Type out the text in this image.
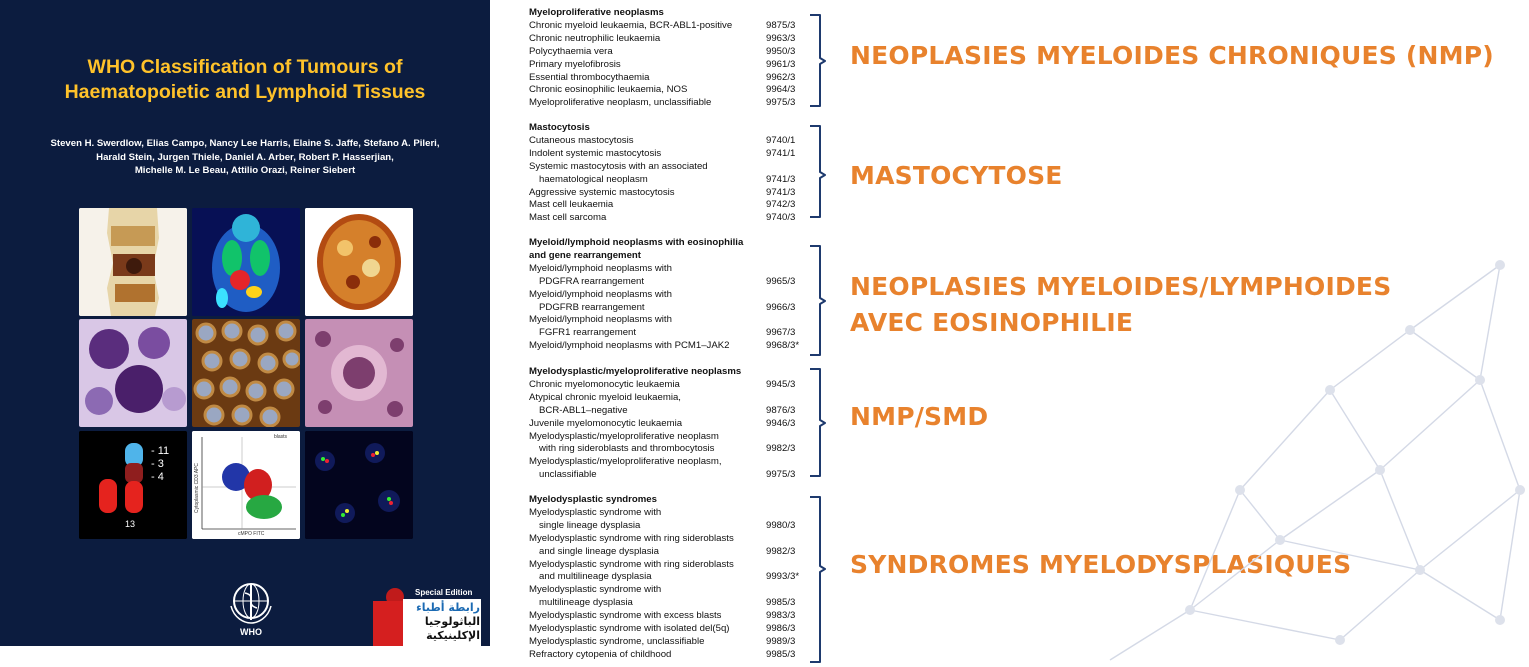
WHO Classification of Tumours of
Haematopoietic and Lymphoid Tissues
Steven H. Swerdlow, Elias Campo, Nancy Lee Harris, Elaine S. Jaffe, Stefano A. Pileri,
Harald Stein, Jurgen Thiele, Daniel A. Arber, Robert P. Hasserjian,
Michelle M. Le Beau, Attilio Orazi, Reiner Siebert
- 11
- 3
- 4
13
blasts
Cytoplasmic CD3 APC
cMPO FITC
WHO
Special Edition
رابطة أطباء
الباثولوجيا
الإكلينيكية
Myeloproliferative neoplasms
Chronic myeloid leukaemia, BCR-ABL1-positive	9875/3
Chronic neutrophilic leukaemia	9963/3
Polycythaemia vera	9950/3
Primary myelofibrosis	9961/3
Essential thrombocythaemia	9962/3
Chronic eosinophilic leukaemia, NOS	9964/3
Myeloproliferative neoplasm, unclassifiable	9975/3
Mastocytosis
Cutaneous mastocytosis	9740/1
Indolent systemic mastocytosis	9741/1
Systemic mastocytosis with an associated
haematological neoplasm	9741/3
Aggressive systemic mastocytosis	9741/3
Mast cell leukaemia	9742/3
Mast cell sarcoma	9740/3
Myeloid/lymphoid neoplasms with eosinophilia
and gene rearrangement
Myeloid/lymphoid neoplasms with
PDGFRA rearrangement	9965/3
Myeloid/lymphoid neoplasms with
PDGFRB rearrangement	9966/3
Myeloid/lymphoid neoplasms with
FGFR1 rearrangement	9967/3
Myeloid/lymphoid neoplasms with PCM1–JAK2	9968/3*
Myelodysplastic/myeloproliferative neoplasms
Chronic myelomonocytic leukaemia	9945/3
Atypical chronic myeloid leukaemia,
BCR-ABL1–negative	9876/3
Juvenile myelomonocytic leukaemia	9946/3
Myelodysplastic/myeloproliferative neoplasm
with ring sideroblasts and thrombocytosis	9982/3
Myelodysplastic/myeloproliferative neoplasm,
unclassifiable	9975/3
Myelodysplastic syndromes
Myelodysplastic syndrome with
single lineage dysplasia	9980/3
Myelodysplastic syndrome with ring sideroblasts
and single lineage dysplasia	9982/3
Myelodysplastic syndrome with ring sideroblasts
and multilineage dysplasia	9993/3*
Myelodysplastic syndrome with
multilineage dysplasia	9985/3
Myelodysplastic syndrome with excess blasts	9983/3
Myelodysplastic syndrome with isolated del(5q)	9986/3
Myelodysplastic syndrome, unclassifiable	9989/3
Refractory cytopenia of childhood	9985/3
NEOPLASIES MYELOIDES CHRONIQUES (NMP)
MASTOCYTOSE
NEOPLASIES MYELOIDES/LYMPHOIDES
AVEC EOSINOPHILIE
NMP/SMD
SYNDROMES MYELODYSPLASIQUES
